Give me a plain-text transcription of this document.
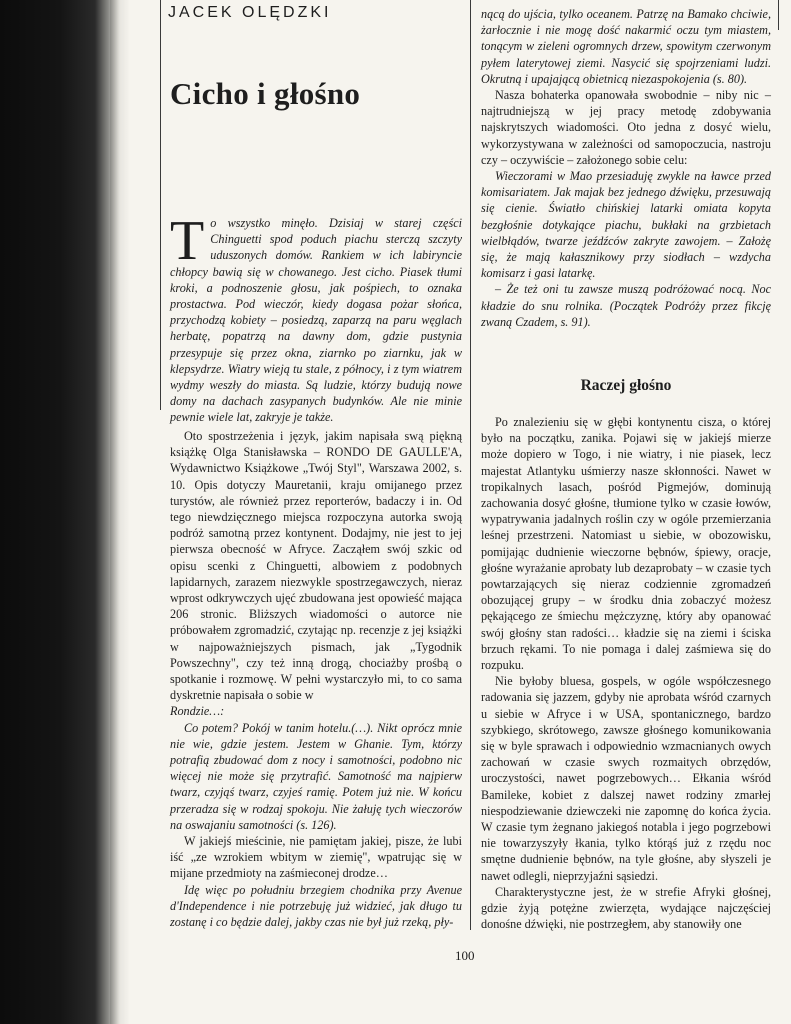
JACEK OLĘDZKI
Cicho i głośno
To wszystko minęło. Dzisiaj w starej części Chinguetti spod poduch piachu sterczą szczyty uduszonych domów. Rankiem w ich labiryncie chłopcy bawią się w chowanego. Jest cicho. Piasek tłumi kroki, a podnoszenie głosu, jak pośpiech, to oznaka prostactwa. Pod wieczór, kiedy dogasa pożar słońca, przychodzą kobiety – posiedzą, zaparzą na paru węglach herbatę, popatrzą na dawny dom, gdzie pustynia przesypuje się przez okna, ziarnko po ziarnku, jak w klepsydrze. Wiatry wieją tu stale, z północy, i z tym wiatrem wydmy weszły do miasta. Są ludzie, którzy budują nowe domy na dachach zasypanych budynków. Ale nie minie pewnie wiele lat, zakryje je także.

Oto spostrzeżenia i język, jakim napisała swą piękną książkę Olga Stanisławska – RONDO DE GAULLE'A, Wydawnictwo Książkowe „Twój Styl", Warszawa 2002, s. 10. Opis dotyczy Mauretanii, kraju omijanego przez turystów, ale również przez reporterów, badaczy i in. Od tego niewdzięcznego miejsca rozpoczyna autorka swoją podróż samotną przez kontynent. Dodajmy, nie jest to jej pierwsza obecność w Afryce. Zacząłem swój szkic od opisu scenki z Chinguetti, albowiem z podobnych lapidarnych, zarazem niezwykle spostrzegawczych, nieraz wprost odkrywczych ujęć zbudowana jest opowieść mająca 206 stronic. Bliższych wiadomości o autorce nie próbowałem zgromadzić, czytając np. recenzje z jej książki w najpoważniejszych pismach, jak „Tygodnik Powszechny", czy też inną drogą, chociażby prośbą o spotkanie i rozmowę. W pełni wystarczyło mi, to co sama dyskretnie napisała o sobie w

Rondzie…:

Co potem? Pokój w tanim hotelu.(…). Nikt oprócz mnie nie wie, gdzie jestem. Jestem w Ghanie. Tym, którzy potrafią zbudować dom z nocy i samotności, podobno nic więcej nie może się przytrafić. Samotność ma najpierw twarz, czyjąś twarz, czyjeś ramię. Potem już nie. W końcu przeradza się w rodzaj spokoju. Nie żałuję tych wieczorów na oswajaniu samotności (s. 126).

W jakiejś mieścinie, nie pamiętam jakiej, pisze, że lubi iść „ze wzrokiem wbitym w ziemię", wpatrując się w mijane przedmioty na zaśmieconej drodze…

Idę więc po południu brzegiem chodnika przy Avenue d'Independence i nie potrzebuję już widzieć, jak długo tu zostanę i co będzie dalej, jakby czas nie był już rzeką, pły-

nącą do ujścia, tylko oceanem. Patrzę na Bamako chciwie, żarłocznie i nie mogę dość nakarmić oczu tym miastem, tonącym w zieleni ogromnych drzew, spowitym czerwonym pyłem laterytowej ziemi. Nasycić się spojrzeniami ludzi. Okrutną i upajającą obietnicą niezaspokojenia (s. 80).

Nasza bohaterka opanowała swobodnie – niby nic – najtrudniejszą w jej pracy metodę zdobywania najskrytszych wiadomości. Oto jedna z dosyć wielu, wykorzystywana w zależności od samopoczucia, nastroju czy – oczywiście – założonego sobie celu:

Wieczorami w Mao przesiaduję zwykle na ławce przed komisariatem. Jak majak bez jednego dźwięku, przesuwają się cienie. Światło chińskiej latarki omiata kopyta bezgłośnie dotykające piachu, bukłaki na grzbietach wielbłądów, twarze jeźdźców zakryte zawojem. – Założę się, że mają kałasznikowy przy siodłach – wzdycha komisarz i gasi latarkę.

– Że też oni tu zawsze muszą podróżować nocą. Noc kładzie do snu rolnika. (Początek Podróży przez fikcję zwaną Czadem, s. 91).

Raczej głośno

Po znalezieniu się w głębi kontynentu cisza, o której było na początku, zanika. Pojawi się w jakiejś mierze może dopiero w Togo, i nie wiatry, i nie piasek, lecz majestat Atlantyku uśmierzy nasze skłonności. Nawet w tropikalnych lasach, pośród Pigmejów, dominują zachowania dosyć głośne, tłumione tylko w czasie łowów, wypatrywania jadalnych roślin czy w ogóle przemierzania leśnej przestrzeni. Natomiast u siebie, w obozowisku, pomijając dudnienie wieczorne bębnów, śpiewy, oracje, głośne wyrażanie aprobaty lub dezaprobaty – w czasie tych powtarzających się nieraz codziennie zgromadzeń obozującej grupy – w środku dnia zobaczyć możesz pękającego ze śmiechu mężczyznę, który aby opanować swój głośny stan radości… kładzie się na ziemi i ściska brzuch rękami. To nie pomaga i dalej zaśmiewa się do rozpuku.

Nie byłoby bluesa, gospels, w ogóle współczesnego radowania się jazzem, gdyby nie aprobata wśród czarnych u siebie w Afryce i w USA, spontanicznego, bardzo szybkiego, skrótowego, zawsze głośnego komunikowania się w byle sprawach i odpowiednio wzmacnianych owych zachowań w czasie swych rozmaitych obrzędów, uroczystości, nawet pogrzebowych… Ełkania wśród Bamileke, kobiet z dalszej nawet rodziny zmarłej niespodziewanie dziewczeki nie zapomnę do końca życia. W czasie tym żegnano jakiegoś notabla i jego pogrzebowi nie towarzyszyły łkania, tylko którąś już z rzędu noc smętne dudnienie bębnów, na tyle głośne, aby słyszeli je nawet odlegli, nieprzyjaźni sąsiedzi.

Charakterystyczne jest, że w strefie Afryki głośnej, gdzie żyją potężne zwierzęta, wydające najczęściej donośne dźwięki, nie postrzegłem, aby stanowiły one

100
